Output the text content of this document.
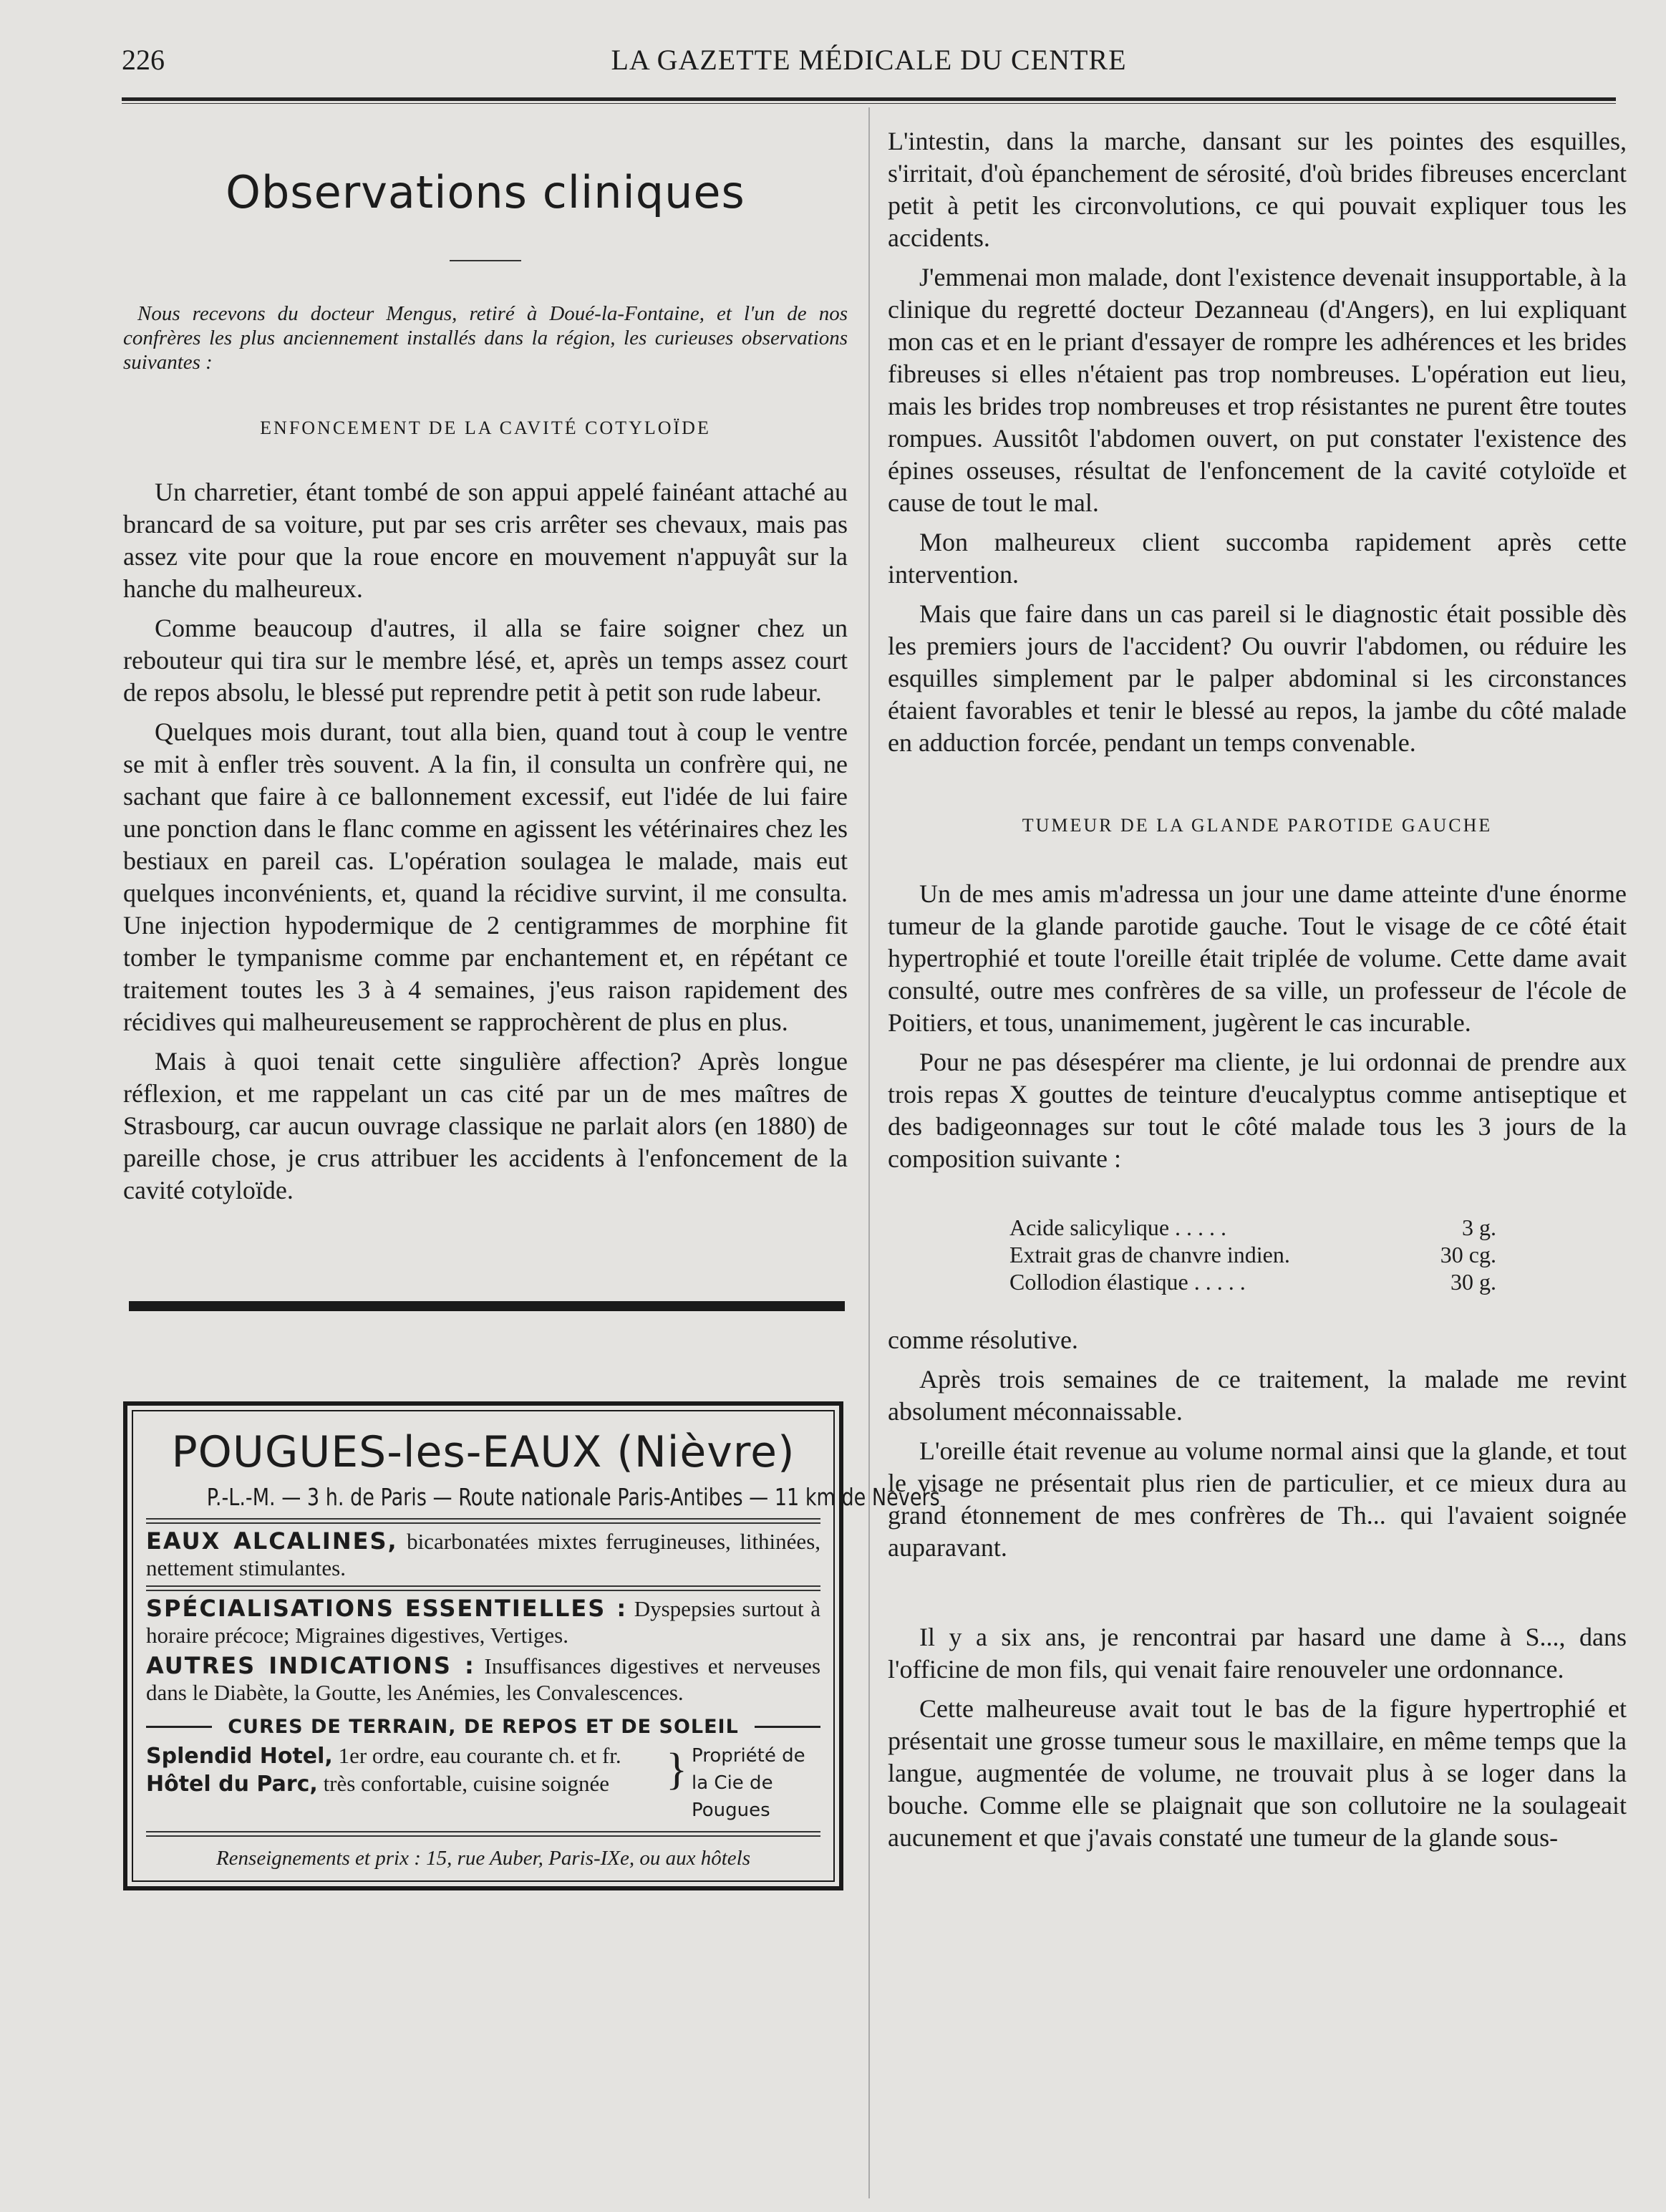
226	LA GAZETTE MÉDICALE DU CENTRE
Observations cliniques

Nous recevons du docteur Mengus, retiré à Doué-la-Fontaine, et l'un de nos confrères les plus anciennement installés dans la région, les curieuses observations suivantes :

ENFONCEMENT DE LA CAVITÉ COTYLOÏDE

Un charretier, étant tombé de son appui appelé fainéant attaché au brancard de sa voiture, put par ses cris arrêter ses chevaux, mais pas assez vite pour que la roue encore en mouvement n'appuyât sur la hanche du malheureux.

Comme beaucoup d'autres, il alla se faire soigner chez un rebouteur qui tira sur le membre lésé, et, après un temps assez court de repos absolu, le blessé put reprendre petit à petit son rude labeur.

Quelques mois durant, tout alla bien, quand tout à coup le ventre se mit à enfler très souvent. A la fin, il consulta un confrère qui, ne sachant que faire à ce ballonnement excessif, eut l'idée de lui faire une ponction dans le flanc comme en agissent les vétérinaires chez les bestiaux en pareil cas. L'opération soulagea le malade, mais eut quelques inconvénients, et, quand la récidive survint, il me consulta. Une injection hypodermique de 2 centigrammes de morphine fit tomber le tympanisme comme par enchantement et, en répétant ce traitement toutes les 3 à 4 semaines, j'eus raison rapidement des récidives qui malheureusement se rapprochèrent de plus en plus.

Mais à quoi tenait cette singulière affection? Après longue réflexion, et me rappelant un cas cité par un de mes maîtres de Strasbourg, car aucun ouvrage classique ne parlait alors (en 1880) de pareille chose, je crus attribuer les accidents à l'enfoncement de la cavité cotyloïde.

POUGUES-les-EAUX (Nièvre)
P.-L.-M. — 3 h. de Paris — Route nationale Paris-Antibes — 11 km de Nevers
EAUX ALCALINES, bicarbonatées mixtes ferrugineuses, lithinées, nettement stimulantes.
SPÉCIALISATIONS ESSENTIELLES : Dyspepsies surtout à horaire précoce; Migraines digestives, Vertiges.
AUTRES INDICATIONS : Insuffisances digestives et nerveuses dans le Diabète, la Goutte, les Anémies, les Convalescences.
CURES DE TERRAIN, DE REPOS ET DE SOLEIL
Splendid Hotel, 1er ordre, eau courante ch. et fr.
Hôtel du Parc, très confortable, cuisine soignée	} Propriété de la Cie de Pougues
Renseignements et prix : 15, rue Auber, Paris-IXe, ou aux hôtels

L'intestin, dans la marche, dansant sur les pointes des esquilles, s'irritait, d'où épanchement de sérosité, d'où brides fibreuses encerclant petit à petit les circonvolutions, ce qui pouvait expliquer tous les accidents.

J'emmenai mon malade, dont l'existence devenait insupportable, à la clinique du regretté docteur Dezanneau (d'Angers), en lui expliquant mon cas et en le priant d'essayer de rompre les adhérences et les brides fibreuses si elles n'étaient pas trop nombreuses. L'opération eut lieu, mais les brides trop nombreuses et trop résistantes ne purent être toutes rompues. Aussitôt l'abdomen ouvert, on put constater l'existence des épines osseuses, résultat de l'enfoncement de la cavité cotyloïde et cause de tout le mal.

Mon malheureux client succomba rapidement après cette intervention.

Mais que faire dans un cas pareil si le diagnostic était possible dès les premiers jours de l'accident? Ou ouvrir l'abdomen, ou réduire les esquilles simplement par le palper abdominal si les circonstances étaient favorables et tenir le blessé au repos, la jambe du côté malade en adduction forcée, pendant un temps convenable.

TUMEUR DE LA GLANDE PAROTIDE GAUCHE

Un de mes amis m'adressa un jour une dame atteinte d'une énorme tumeur de la glande parotide gauche. Tout le visage de ce côté était hypertrophié et toute l'oreille était triplée de volume. Cette dame avait consulté, outre mes confrères de sa ville, un professeur de l'école de Poitiers, et tous, unanimement, jugèrent le cas incurable.

Pour ne pas désespérer ma cliente, je lui ordonnai de prendre aux trois repas X gouttes de teinture d'eucalyptus comme antiseptique et des badigeonnages sur tout le côté malade tous les 3 jours de la composition suivante :

Acide salicylique . . . . .	3 g.
Extrait gras de chanvre indien.	30 cg.
Collodion élastique . . . . .	30 g.

comme résolutive.

Après trois semaines de ce traitement, la malade me revint absolument méconnaissable.

L'oreille était revenue au volume normal ainsi que la glande, et tout le visage ne présentait plus rien de particulier, et ce mieux dura au grand étonnement de mes confrères de Th... qui l'avaient soignée auparavant.

Il y a six ans, je rencontrai par hasard une dame à S..., dans l'officine de mon fils, qui venait faire renouveler une ordonnance.

Cette malheureuse avait tout le bas de la figure hypertrophié et présentait une grosse tumeur sous le maxillaire, en même temps que la langue, augmentée de volume, ne trouvait plus à se loger dans la bouche. Comme elle se plaignait que son collutoire ne la soulageait aucunement et que j'avais constaté une tumeur de la glande sous-
